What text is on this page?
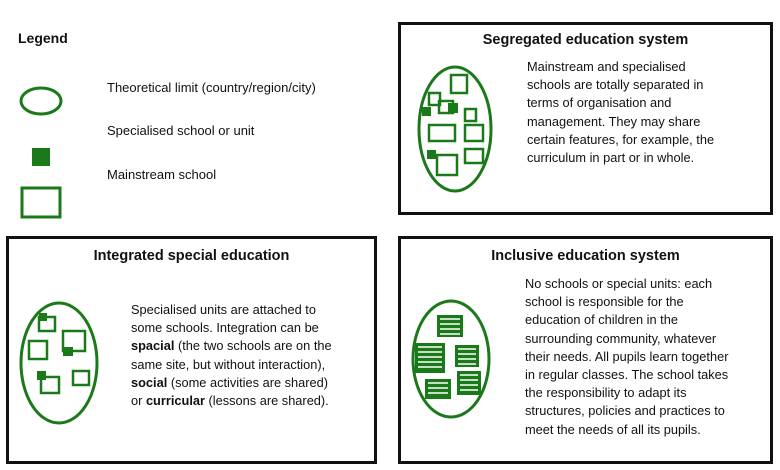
Legend
Theoretical limit (country/region/city)
Specialised school or unit
Mainstream school
Segregated education system
Mainstream and specialised
schools are totally separated in
terms of organisation and
management. They may share
certain features, for example, the
curriculum in part or in whole.
Integrated special education
Specialised units are attached to
some schools. Integration can be
spacial (the two schools are on the
same site, but without interaction),
social (some activities are shared)
or curricular (lessons are shared).
Inclusive education system
No schools or special units: each
school is responsible for the
education of children in the
surrounding community, whatever
their needs. All pupils learn together
in regular classes. The school takes
the responsibility to adapt its
structures, policies and practices to
meet the needs of all its pupils.
